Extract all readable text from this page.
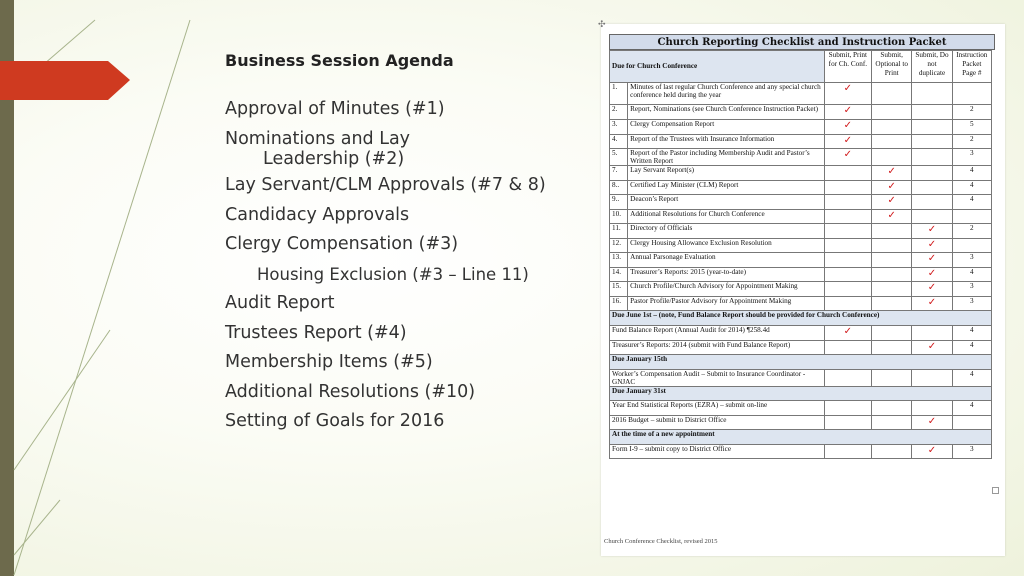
Business Session Agenda
Approval of Minutes (#1)
Nominations and Lay
Leadership (#2)
Lay Servant/CLM Approvals (#7 & 8)
Candidacy Approvals
Clergy Compensation (#3)
Housing Exclusion (#3 – Line 11)
Audit Report
Trustees Report (#4)
Membership Items (#5)
Additional Resolutions (#10)
Setting of Goals for 2016
✣
Church Reporting Checklist and Instruction Packet
Due for Church Conference		Submit, Print for Ch. Conf.	Submit, Optional to Print	Submit, Do not duplicate	Instruction Packet Page #
1.	Minutes of last regular Church Conference and any special church conference held during the year	✓			
2.	Report, Nominations (see Church Conference Instruction Packet)	✓			2
3.	Clergy Compensation Report	✓			5
4.	Report of the Trustees with Insurance Information	✓			2
5.	Report of the Pastor including Membership Audit and Pastor’s Written Report	✓			3
7.	Lay Servant Report(s)		✓		4
8..	Certified Lay Minister (CLM) Report		✓		4
9..	Deacon’s Report		✓		4
10.	Additional Resolutions for Church Conference		✓		
11.	Directory of Officials			✓	2
12.	Clergy Housing Allowance Exclusion Resolution			✓	
13.	Annual Parsonage Evaluation			✓	3
14.	Treasurer’s Reports: 2015 (year-to-date)			✓	4
15.	Church Profile/Church Advisory for Appointment Making			✓	3
16.	Pastor Profile/Pastor Advisory for Appointment Making			✓	3
Due June 1st – (note, Fund Balance Report should be provided for Church Conference)					
Fund Balance Report (Annual Audit for 2014) ¶258.4d		✓			4
Treasurer’s Reports: 2014 (submit with Fund Balance Report)				✓	4
Due January 15th					
Worker’s Compensation Audit – Submit to Insurance Coordinator - GNJAC					4
Due January 31st					
Year End Statistical Reports (EZRA) – submit on-line					4
2016 Budget – submit to District Office				✓	
At the time of a new appointment					
Form I-9 – submit copy to District Office				✓	3
Church Conference Checklist, revised 2015
